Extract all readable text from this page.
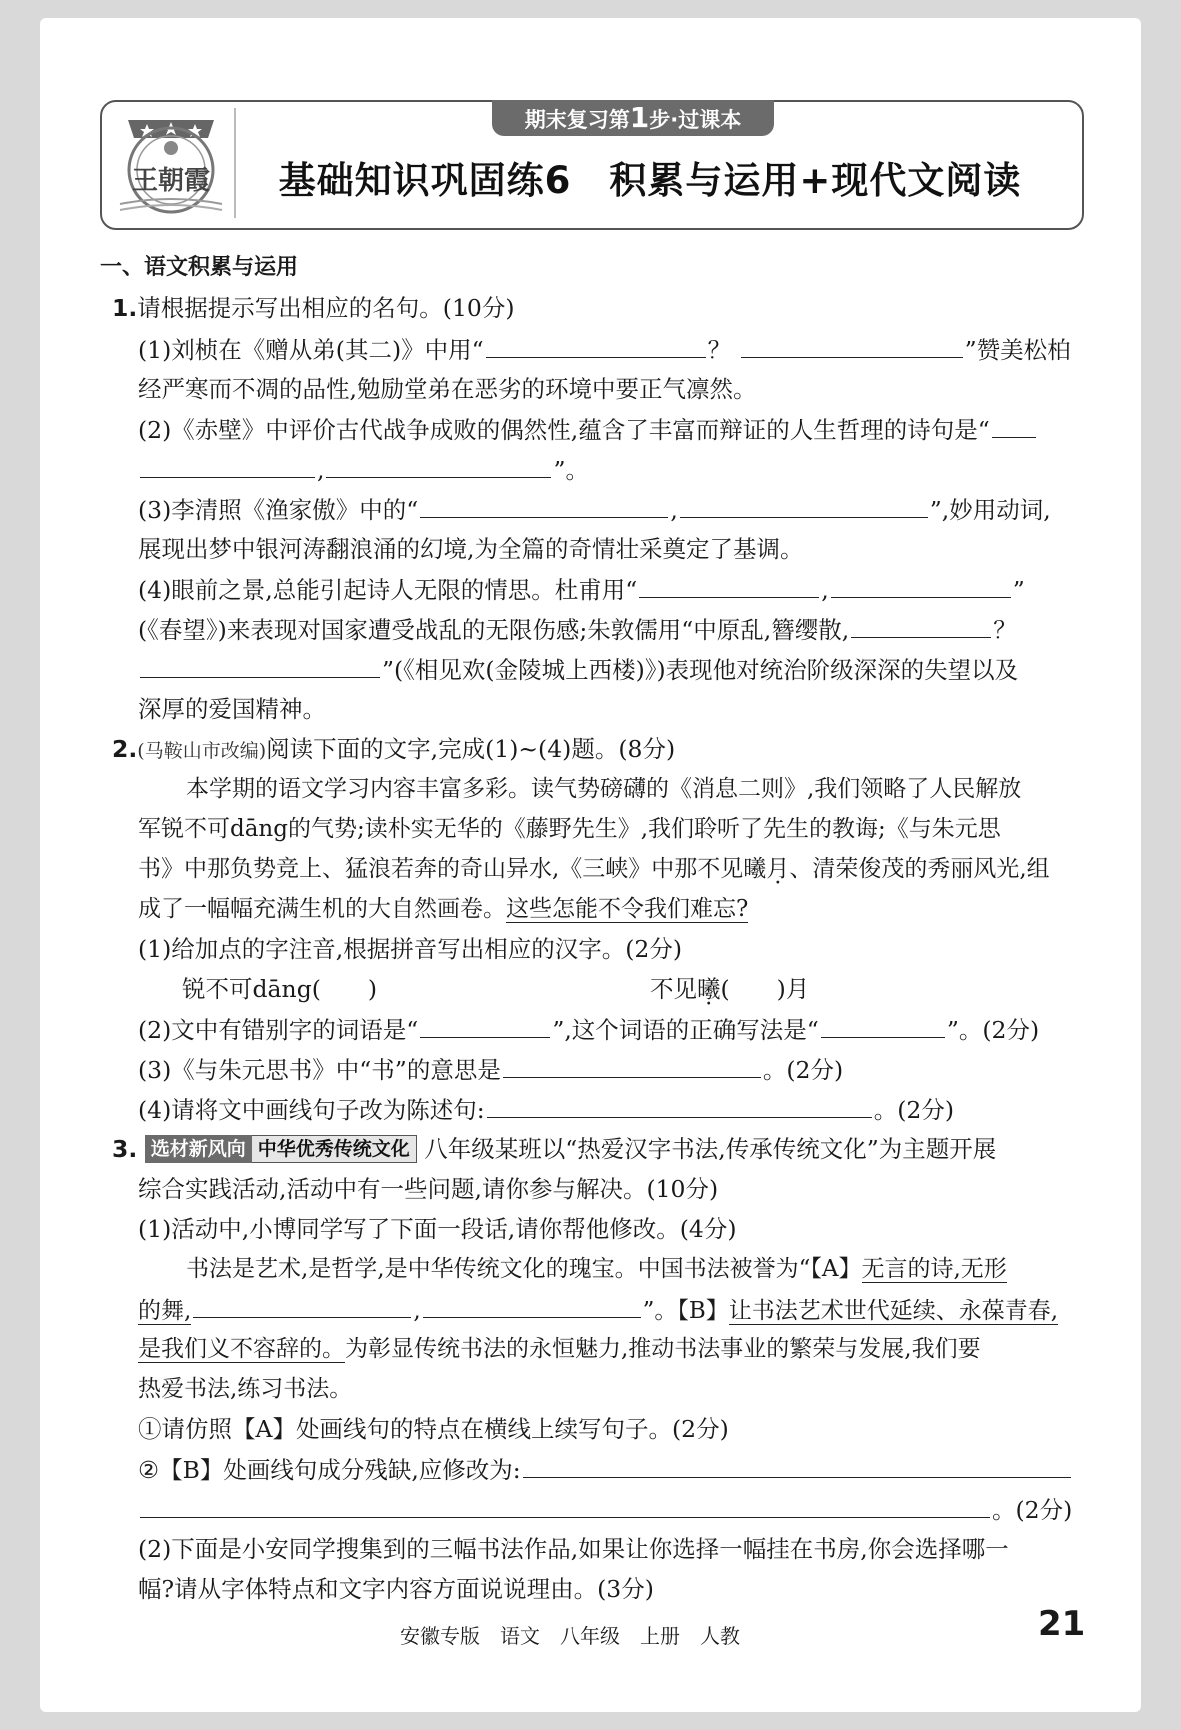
王朝霞
期末复习第1步·过课本
基础知识巩固练6　积累与运用+现代文阅读
一、语文积累与运用
1.请根据提示写出相应的名句。(10分)
(1)刘桢在《赠从弟(其二)》中用“	？	”赞美松柏
经严寒而不凋的品性,勉励堂弟在恶劣的环境中要正气凛然。
(2)《赤壁》中评价古代战争成败的偶然性,蕴含了丰富而辩证的人生哲理的诗句是“
,	”。
(3)李清照《渔家傲》中的“	,	”,妙用动词,
展现出梦中银河涛翻浪涌的幻境,为全篇的奇情壮采奠定了基调。
(4)眼前之景,总能引起诗人无限的情思。杜甫用“	,	”
(《春望》)来表现对国家遭受战乱的无限伤感;朱敦儒用“中原乱,簪缨散,	？
”(《相见欢(金陵城上西楼)》)表现他对统治阶级深深的失望以及
深厚的爱国精神。
2.(马鞍山市改编)阅读下面的文字,完成(1)~(4)题。(8分)
本学期的语文学习内容丰富多彩。读气势磅礴的《消息二则》,我们领略了人民解放
军锐不可dāng的气势;读朴实无华的《藤野先生》,我们聆听了先生的教诲;《与朱元思
书》中那负势竞上、猛浪若奔的奇山异水,《三峡》中那不见曦月、清荣俊茂的秀丽风光,组
成了一幅幅充满生机的大自然画卷。这些怎能不令我们难忘?
(1)给加点的字注音,根据拼音写出相应的汉字。(2分)
锐不可dāng(　　)	不见曦(　　)月
(2)文中有错别字的词语是“	”,这个词语的正确写法是“	”。(2分)
(3)《与朱元思书》中“书”的意思是	。(2分)
(4)请将文中画线句子改为陈述句:	。(2分)
3. 选材新风向 中华优秀传统文化 八年级某班以“热爱汉字书法,传承传统文化”为主题开展
综合实践活动,活动中有一些问题,请你参与解决。(10分)
(1)活动中,小博同学写了下面一段话,请你帮他修改。(4分)
书法是艺术,是哲学,是中华传统文化的瑰宝。中国书法被誉为“【A】无言的诗,无形
的舞,	,	”。【B】让书法艺术世代延续、永葆青春,
是我们义不容辞的。为彰显传统书法的永恒魅力,推动书法事业的繁荣与发展,我们要
热爱书法,练习书法。
①请仿照【A】处画线句的特点在横线上续写句子。(2分)
②【B】处画线句成分残缺,应修改为:
。(2分)
(2)下面是小安同学搜集到的三幅书法作品,如果让你选择一幅挂在书房,你会选择哪一
幅?请从字体特点和文字内容方面说说理由。(3分)
安徽专版　语文　八年级　上册　人教	21
